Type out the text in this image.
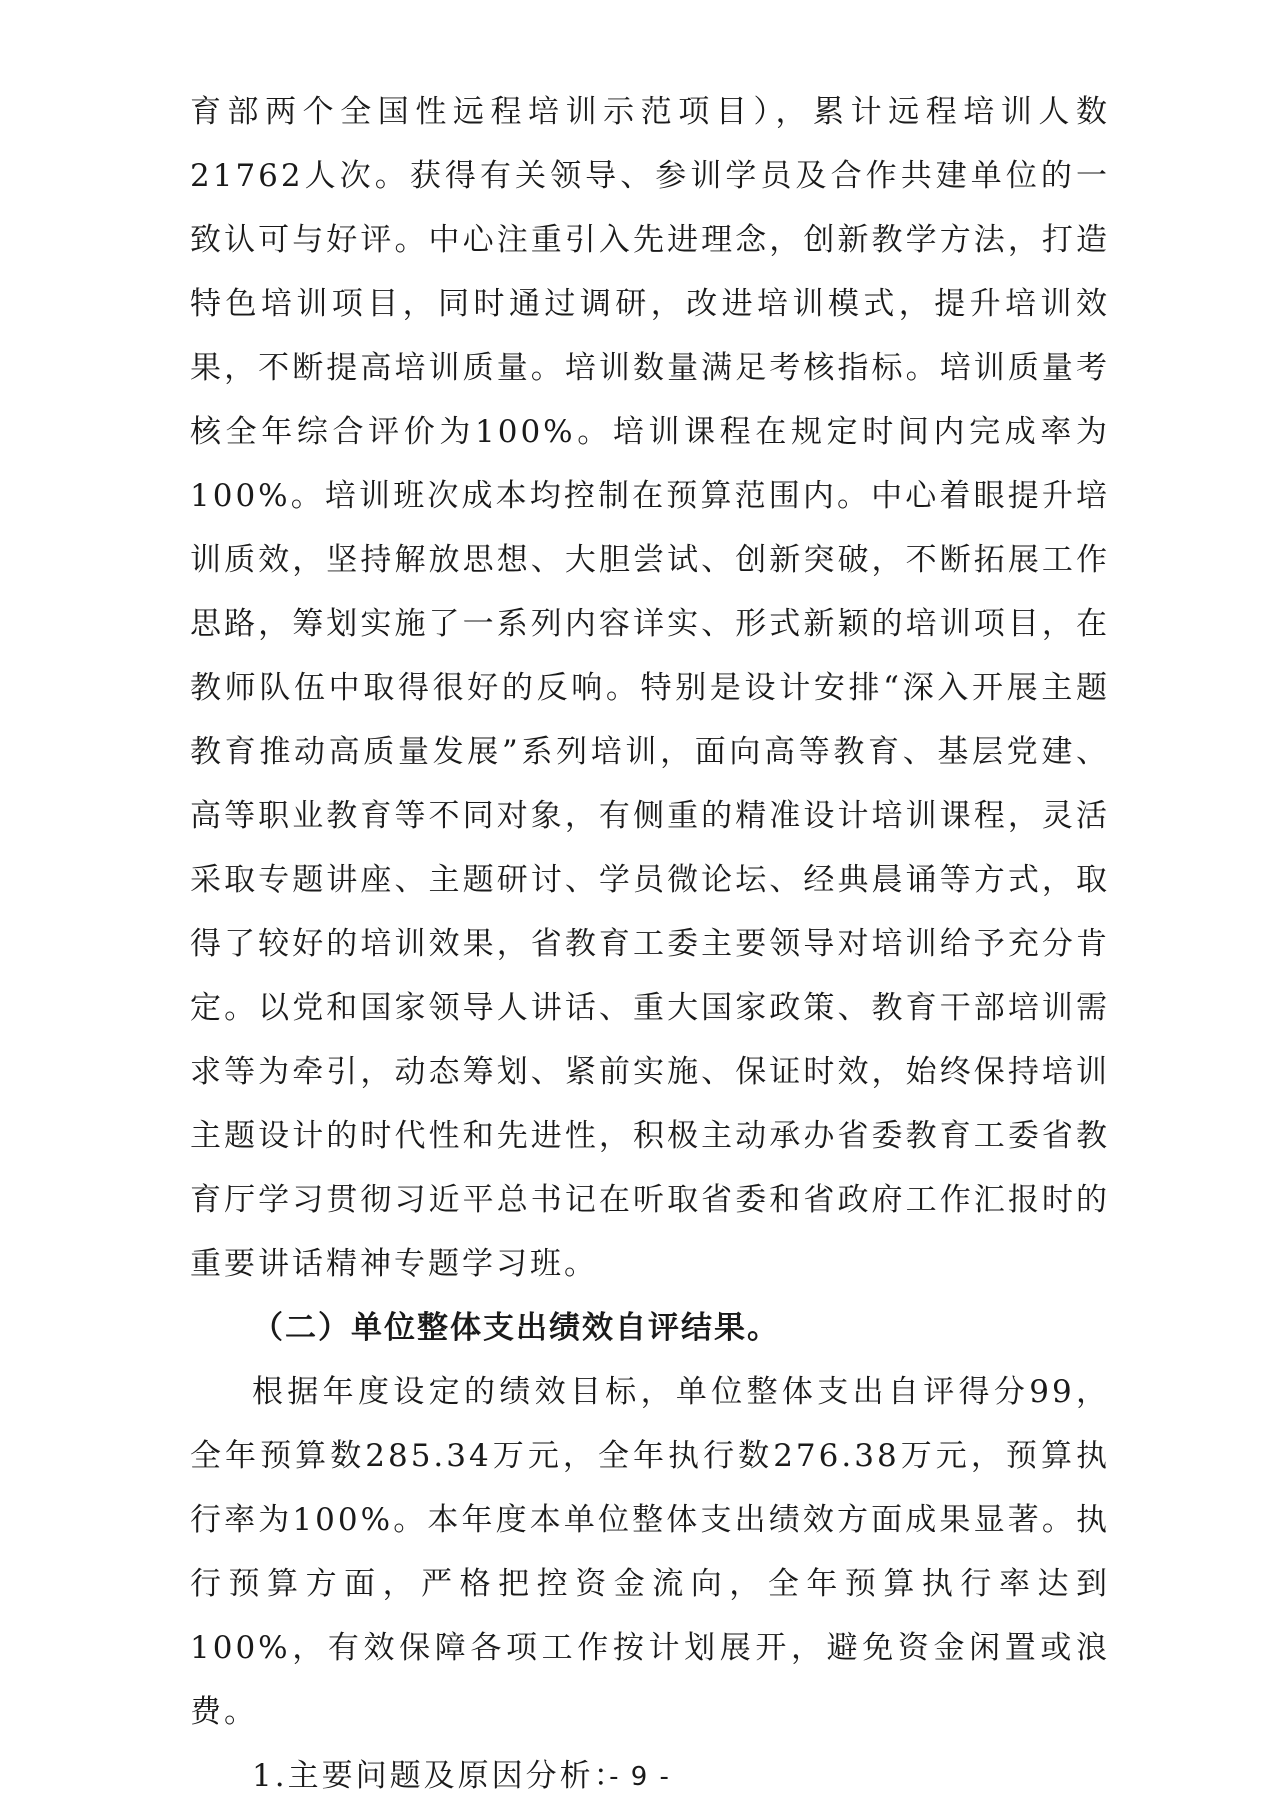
育部两个全国性远程培训示范项目），累计远程培训人数21762人次。获得有关领导、参训学员及合作共建单位的一致认可与好评。中心注重引入先进理念，创新教学方法，打造特色培训项目，同时通过调研，改进培训模式，提升培训效果，不断提高培训质量。培训数量满足考核指标。培训质量考核全年综合评价为100%。培训课程在规定时间内完成率为100%。培训班次成本均控制在预算范围内。中心着眼提升培训质效，坚持解放思想、大胆尝试、创新突破，不断拓展工作思路，筹划实施了一系列内容详实、形式新颖的培训项目，在教师队伍中取得很好的反响。特别是设计安排“深入开展主题教育推动高质量发展”系列培训，面向高等教育、基层党建、高等职业教育等不同对象，有侧重的精准设计培训课程，灵活采取专题讲座、主题研讨、学员微论坛、经典晨诵等方式，取得了较好的培训效果，省教育工委主要领导对培训给予充分肯定。以党和国家领导人讲话、重大国家政策、教育干部培训需求等为牵引，动态筹划、紧前实施、保证时效，始终保持培训主题设计的时代性和先进性，积极主动承办省委教育工委省教育厅学习贯彻习近平总书记在听取省委和省政府工作汇报时的重要讲话精神专题学习班。

（二）单位整体支出绩效自评结果。

根据年度设定的绩效目标，单位整体支出自评得分99，全年预算数285.34万元，全年执行数276.38万元，预算执行率为100%。本年度本单位整体支出绩效方面成果显著。执行预算方面，严格把控资金流向，全年预算执行率达到100%，有效保障各项工作按计划展开，避免资金闲置或浪费。

1.主要问题及原因分析：

- 9 -
